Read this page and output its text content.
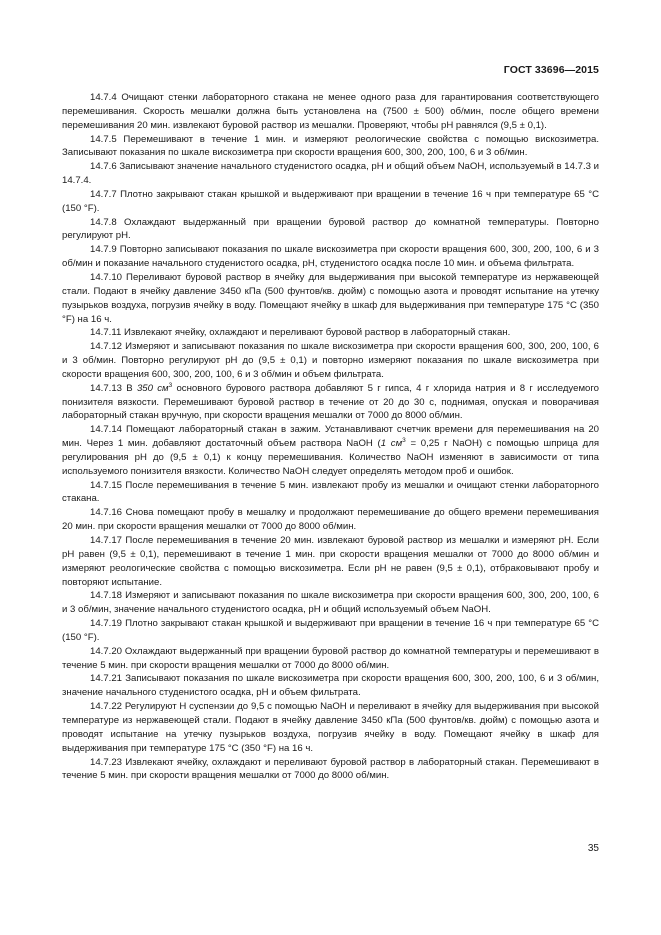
ГОСТ 33696—2015

14.7.4 Очищают стенки лабораторного стакана не менее одного раза для гарантирования соответствующего перемешивания. Скорость мешалки должна быть установлена на (7500 ± 500) об/мин, после общего времени перемешивания 20 мин. извлекают буровой раствор из мешалки. Проверяют, чтобы pH равнялся (9,5 ± 0,1).

14.7.5 Перемешивают в течение 1 мин. и измеряют реологические свойства с помощью вискозиметра. Записывают показания по шкале вискозиметра при скорости вращения 600, 300, 200, 100, 6 и 3 об/мин.

14.7.6 Записывают значение начального студенистого осадка, pH и общий объем NaOH, используемый в 14.7.3 и 14.7.4.

14.7.7 Плотно закрывают стакан крышкой и выдерживают при вращении в течение 16 ч при температуре 65 °C (150 °F).

14.7.8 Охлаждают выдержанный при вращении буровой раствор до комнатной температуры. Повторно регулируют pH.

14.7.9 Повторно записывают показания по шкале вискозиметра при скорости вращения 600, 300, 200, 100, 6 и 3 об/мин и показание начального студенистого осадка, pH, студенистого осадка после 10 мин. и объема фильтрата.

14.7.10 Переливают буровой раствор в ячейку для выдерживания при высокой температуре из нержавеющей стали. Подают в ячейку давление 3450 кПа (500 фунтов/кв. дюйм) с помощью азота и проводят испытание на утечку пузырьков воздуха, погрузив ячейку в воду. Помещают ячейку в шкаф для выдерживания при температуре 175 °C (350 °F) на 16 ч.

14.7.11 Извлекают ячейку, охлаждают и переливают буровой раствор в лабораторный стакан.

14.7.12 Измеряют и записывают показания по шкале вискозиметра при скорости вращения 600, 300, 200, 100, 6 и 3 об/мин. Повторно регулируют pH до (9,5 ± 0,1) и повторно измеряют показания по шкале вискозиметра при скорости вращения 600, 300, 200, 100, 6 и 3 об/мин и объем фильтрата.

14.7.13 В 350 $см^3$ основного бурового раствора добавляют 5 г гипса, 4 г хлорида натрия и 8 г исследуемого понизителя вязкости. Перемешивают буровой раствор в течение от 20 до 30 с, поднимая, опуская и поворачивая лабораторный стакан вручную, при скорости вращения мешалки от 7000 до 8000 об/мин.

14.7.14 Помещают лабораторный стакан в зажим. Устанавливают счетчик времени для перемешивания на 20 мин. Через 1 мин. добавляют достаточный объем раствора NaOH (1 $см^3 = 0,25$ г NaOH) с помощью шприца для регулирования pH до (9,5 ± 0,1) к концу перемешивания. Количество NaOH изменяют в зависимости от типа используемого понизителя вязкости. Количество NaOH следует определять методом проб и ошибок.

14.7.15 После перемешивания в течение 5 мин. извлекают пробу из мешалки и очищают стенки лабораторного стакана.

14.7.16 Снова помещают пробу в мешалку и продолжают перемешивание до общего времени перемешивания 20 мин. при скорости вращения мешалки от 7000 до 8000 об/мин.

14.7.17 После перемешивания в течение 20 мин. извлекают буровой раствор из мешалки и измеряют pH. Если pH равен (9,5 ± 0,1), перемешивают в течение 1 мин. при скорости вращения мешалки от 7000 до 8000 об/мин и измеряют реологические свойства с помощью вискозиметра. Если pH не равен (9,5 ± 0,1), отбраковывают пробу и повторяют испытание.

14.7.18 Измеряют и записывают показания по шкале вискозиметра при скорости вращения 600, 300, 200, 100, 6 и 3 об/мин, значение начального студенистого осадка, pH и общий используемый объем NaOH.

14.7.19 Плотно закрывают стакан крышкой и выдерживают при вращении в течение 16 ч при температуре 65 °C (150 °F).

14.7.20 Охлаждают выдержанный при вращении буровой раствор до комнатной температуры и перемешивают в течение 5 мин. при скорости вращения мешалки от 7000 до 8000 об/мин.

14.7.21 Записывают показания по шкале вискозиметра при скорости вращения 600, 300, 200, 100, 6 и 3 об/мин, значение начального студенистого осадка, pH и объем фильтрата.

14.7.22 Регулируют H суспензии до 9,5 с помощью NaOH и переливают в ячейку для выдерживания при высокой температуре из нержавеющей стали. Подают в ячейку давление 3450 кПа (500 фунтов/кв. дюйм) с помощью азота и проводят испытание на утечку пузырьков воздуха, погрузив ячейку в воду. Помещают ячейку в шкаф для выдерживания при температуре 175 °C (350 °F) на 16 ч.

14.7.23 Извлекают ячейку, охлаждают и переливают буровой раствор в лабораторный стакан. Перемешивают в течение 5 мин. при скорости вращения мешалки от 7000 до 8000 об/мин.

35
